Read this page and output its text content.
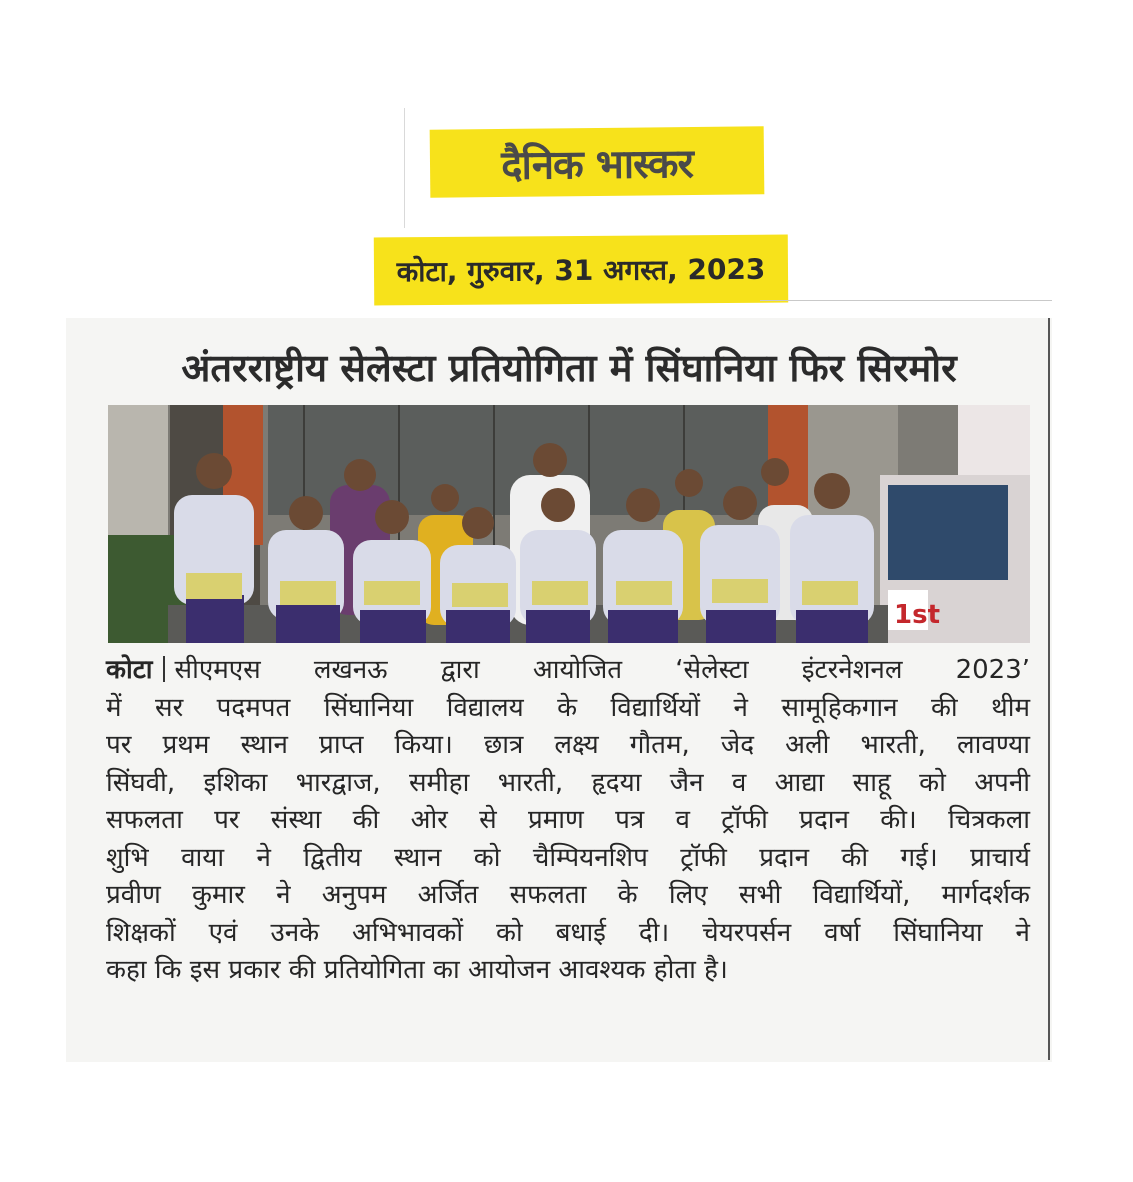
दैनिक भास्कर
कोटा, गुरुवार, 31 अगस्त, 2023
अंतरराष्ट्रीय सेलेस्टा प्रतियोगिता में सिंघानिया फिर सिरमोर
1st
कोटा सीएमएस लखनऊ द्वारा आयोजित ‘सेलेस्टा इंटरनेशनल 2023’
में सर पदमपत सिंघानिया विद्यालय के विद्यार्थियों ने सामूहिकगान की थीम
पर प्रथम स्थान प्राप्त किया। छात्र लक्ष्य गौतम, जेद अली भारती, लावण्या
सिंघवी, इशिका भारद्वाज, समीहा भारती, हृदया जैन व आद्या साहू को अपनी
सफलता पर संस्था की ओर से प्रमाण पत्र व ट्रॉफी प्रदान की। चित्रकला
शुभि वाया ने द्वितीय स्थान को चैम्पियनशिप ट्रॉफी प्रदान की गई। प्राचार्य
प्रवीण कुमार ने अनुपम अर्जित सफलता के लिए सभी विद्यार्थियों, मार्गदर्शक
शिक्षकों एवं उनके अभिभावकों को बधाई दी। चेयरपर्सन वर्षा सिंघानिया ने
कहा कि इस प्रकार की प्रतियोगिता का आयोजन आवश्यक होता है।
